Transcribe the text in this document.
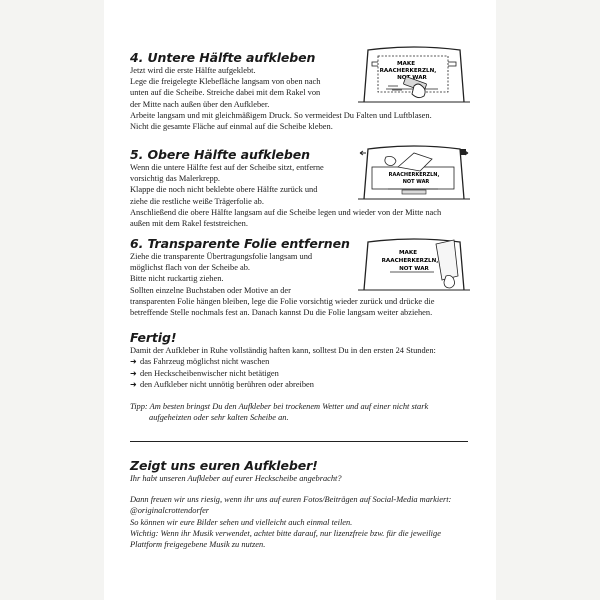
4. Untere Hälfte aufkleben

Jetzt wird die erste Hälfte aufgeklebt.

Lege die freigelegte Klebefläche langsam von oben nach

unten auf die Scheibe. Streiche dabei mit dem Rakel von

der Mitte nach außen über den Aufkleber.

Arbeite langsam und mit gleichmäßigem Druck. So vermeidest Du Falten und Luftblasen.

Nicht die gesamte Fläche auf einmal auf die Scheibe kleben.

5. Obere Hälfte aufkleben

Wenn die untere Hälfte fest auf der Scheibe sitzt, entferne

vorsichtig das Malerkrepp.

Klappe die noch nicht beklebte obere Hälfte zurück und

ziehe die restliche weiße Trägerfolie ab.

Anschließend die obere Hälfte langsam auf die Scheibe legen und wieder von der Mitte nach

außen mit dem Rakel feststreichen.

6. Transparente Folie entfernen

Ziehe die transparente Übertragungsfolie langsam und

möglichst flach von der Scheibe ab.

Bitte nicht ruckartig ziehen.

Sollten einzelne Buchstaben oder Motive an der

transparenten Folie hängen bleiben, lege die Folie vorsichtig wieder zurück und drücke die

betreffende Stelle nochmals fest an. Danach kannst Du die Folie langsam weiter abziehen.

Fertig!

Damit der Aufkleber in Ruhe vollständig haften kann, solltest Du in den ersten 24 Stunden:

➜ das Fahrzeug möglichst nicht waschen
➜ den Heckscheibenwischer nicht betätigen
➜ den Aufkleber nicht unnötig berühren oder abreiben

Tipp: Am besten bringst Du den Aufkleber bei trockenem Wetter und auf einer nicht stark

aufgeheizten oder sehr kalten Scheibe an.

Zeigt uns euren Aufkleber!

Ihr habt unseren Aufkleber auf eurer Heckscheibe angebracht?

Dann freuen wir uns riesig, wenn ihr uns auf euren Fotos/Beiträgen auf Social-Media markiert:

@originalcrottendorfer

So können wir eure Bilder sehen und vielleicht auch einmal teilen.

Wichtig: Wenn ihr Musik verwendet, achtet bitte darauf, nur lizenzfreie bzw. für die jeweilige

Plattform freigegebene Musik zu nutzen.

MAKE
RAACHERKERZLN,
NOT WAR
RAACHERKERZLN,
NOT WAR
MAKE
RAACHERKERZLN,
NOT WAR
